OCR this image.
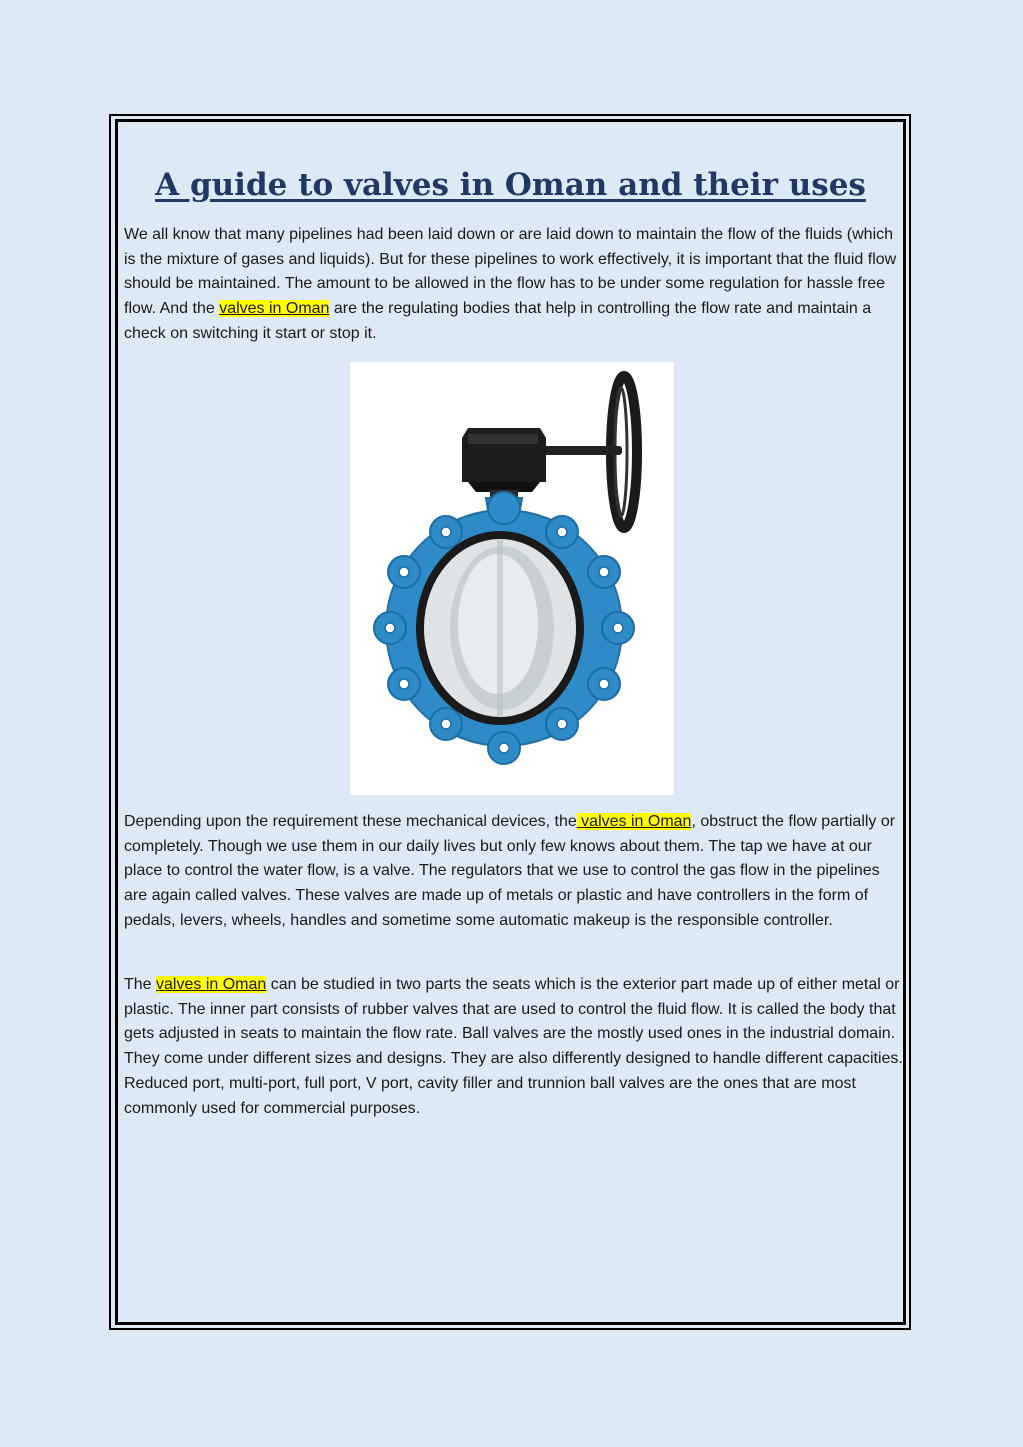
A guide to valves in Oman and their uses

We all know that many pipelines had been laid down or are laid down to maintain the flow of the fluids (which is the mixture of gases and liquids). But for these pipelines to work effectively, it is important that the fluid flow should be maintained. The amount to be allowed in the flow has to be under some regulation for hassle free flow. And the valves in Oman are the regulating bodies that help in controlling the flow rate and maintain a check on switching it start or stop it.

Depending upon the requirement these mechanical devices, the valves in Oman, obstruct the flow partially or completely. Though we use them in our daily lives but only few knows about them. The tap we have at our place to control the water flow, is a valve. The regulators that we use to control the gas flow in the pipelines are again called valves. These valves are made up of metals or plastic and have controllers in the form of pedals, levers, wheels, handles and sometime some automatic makeup is the responsible controller.

The valves in Oman can be studied in two parts the seats which is the exterior part made up of either metal or plastic. The inner part consists of rubber valves that are used to control the fluid flow. It is called the body that gets adjusted in seats to maintain the flow rate. Ball valves are the mostly used ones in the industrial domain. They come under different sizes and designs. They are also differently designed to handle different capacities. Reduced port, multi-port, full port, V port, cavity filler and trunnion ball valves are the ones that are most commonly used for commercial purposes.
